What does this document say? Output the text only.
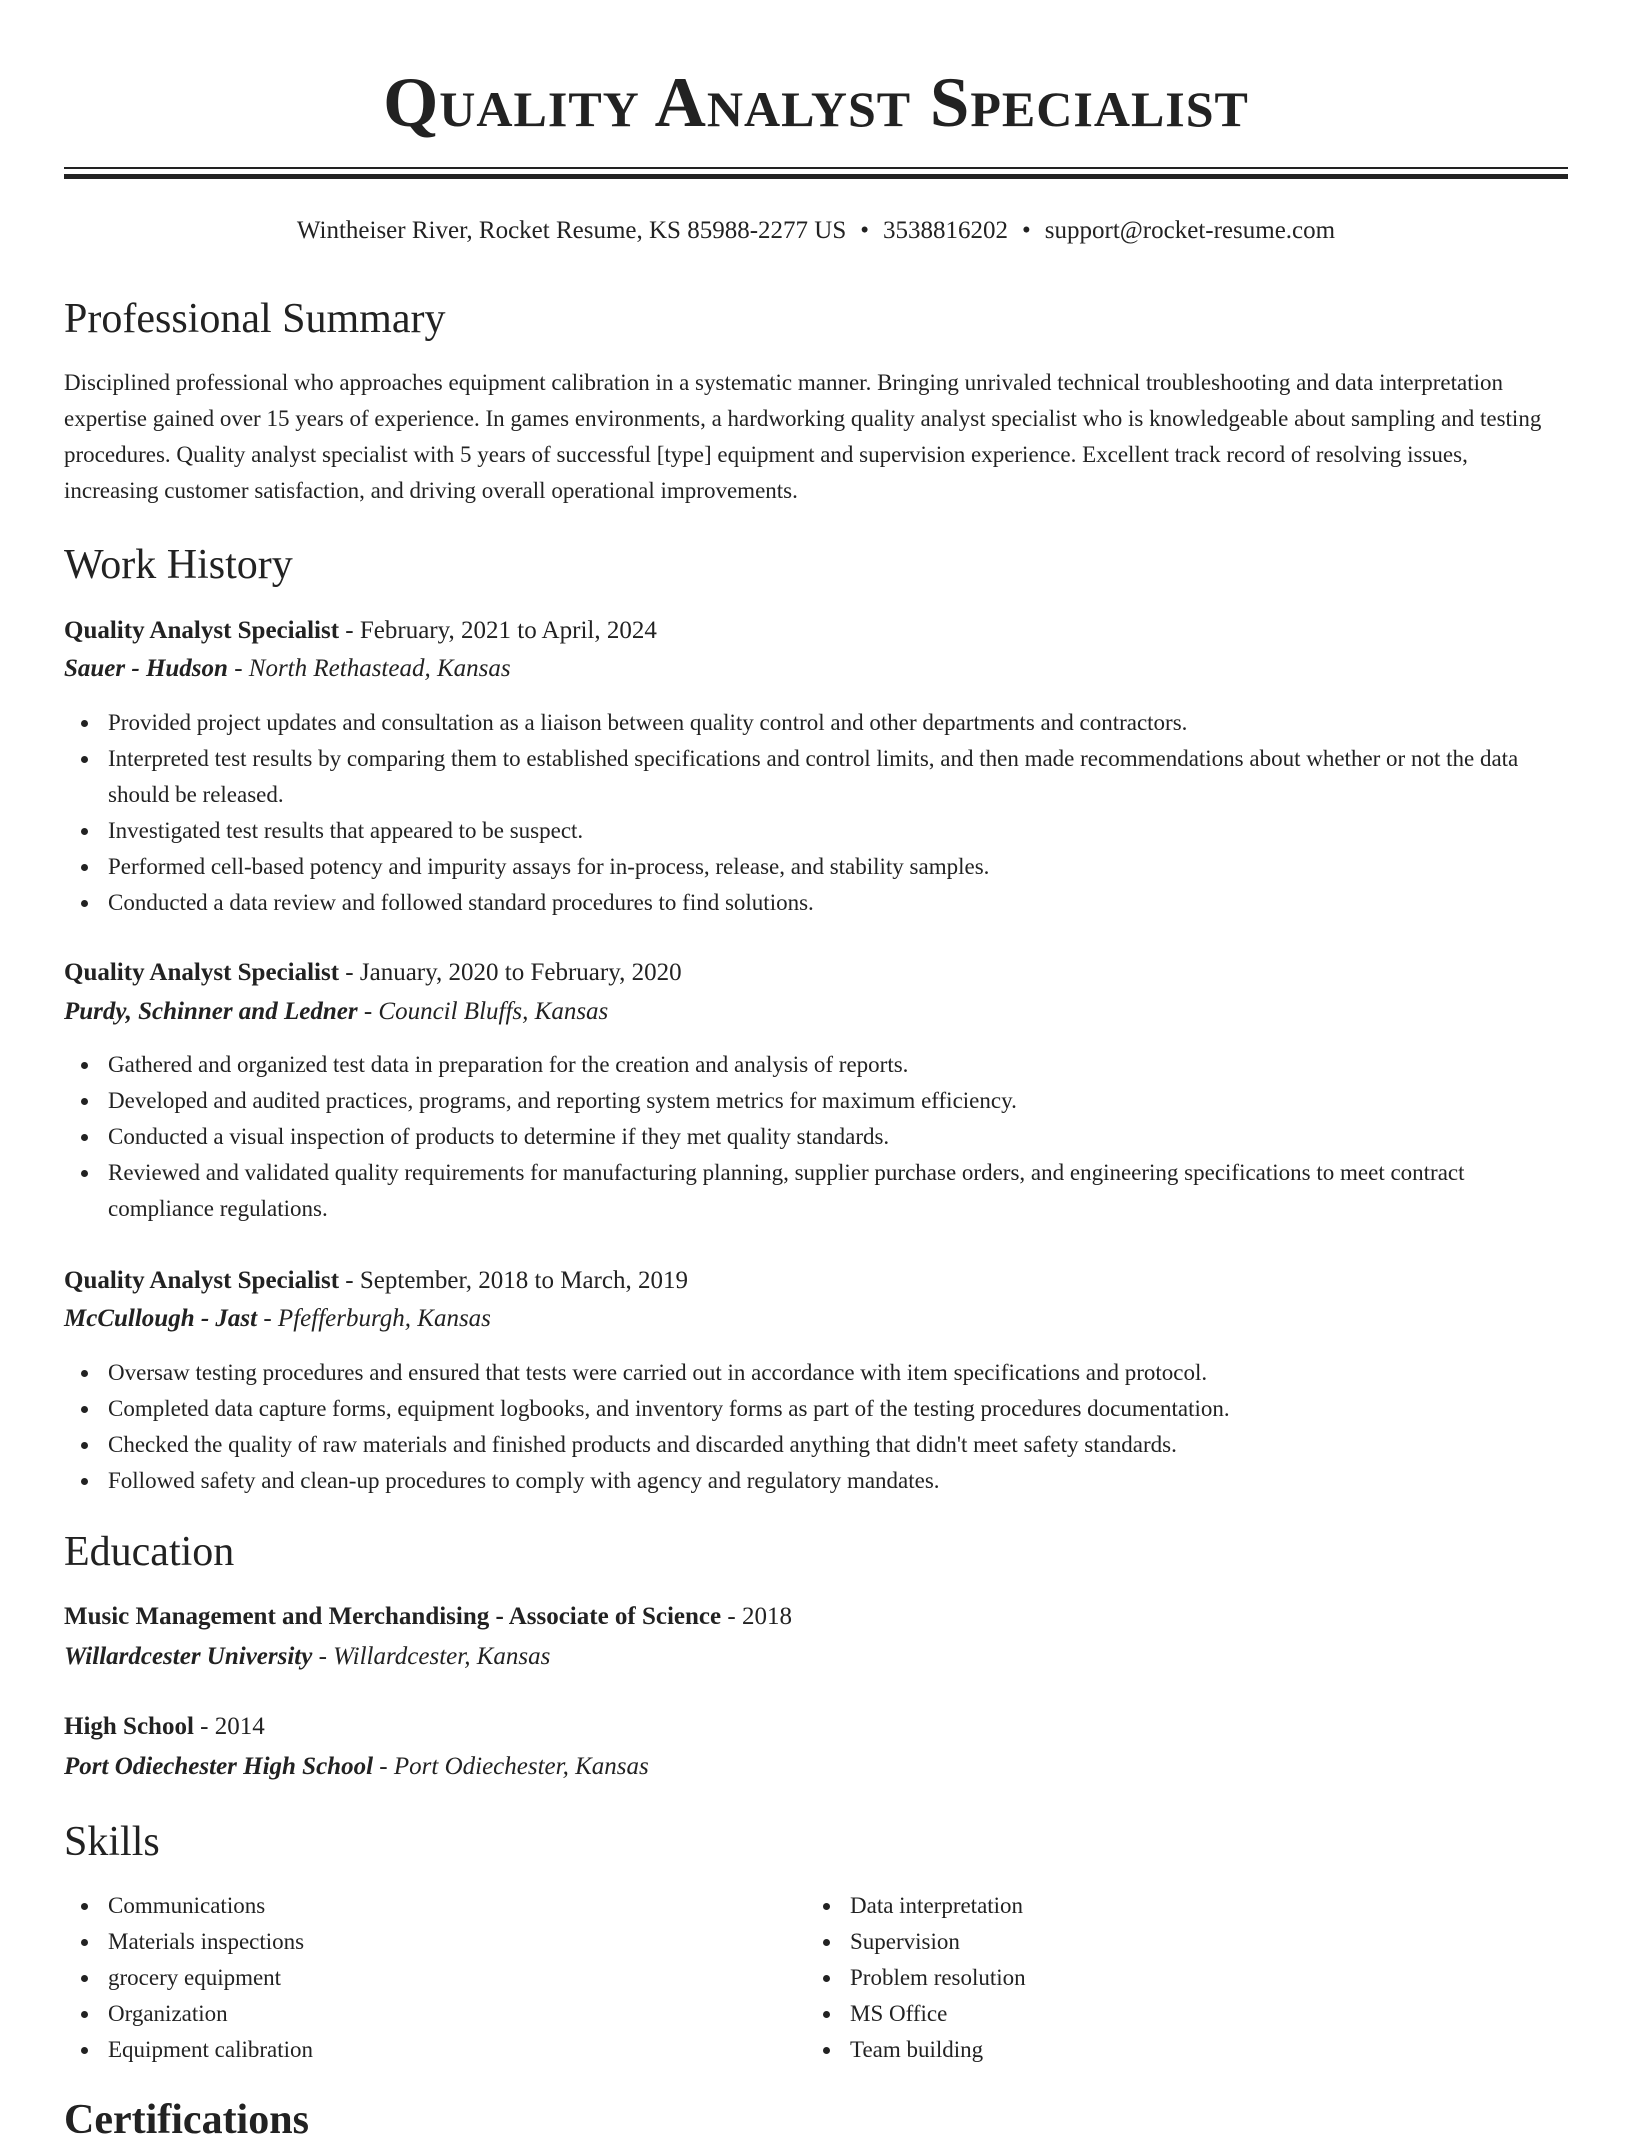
Quality Analyst Specialist
Wintheiser River, Rocket Resume, KS 85988-2277 US • 3538816202 • support@rocket-resume.com
Professional Summary

Disciplined professional who approaches equipment calibration in a systematic manner. Bringing unrivaled technical troubleshooting and data interpretation expertise gained over 15 years of experience. In games environments, a hardworking quality analyst specialist who is knowledgeable about sampling and testing procedures. Quality analyst specialist with 5 years of successful [type] equipment and supervision experience. Excellent track record of resolving issues, increasing customer satisfaction, and driving overall operational improvements.

Work History
Quality Analyst Specialist - February, 2021 to April, 2024
Sauer - Hudson - North Rethastead, Kansas
Provided project updates and consultation as a liaison between quality control and other departments and contractors.
Interpreted test results by comparing them to established specifications and control limits, and then made recommendations about whether or not the data should be released.
Investigated test results that appeared to be suspect.
Performed cell-based potency and impurity assays for in-process, release, and stability samples.
Conducted a data review and followed standard procedures to find solutions.
Quality Analyst Specialist - January, 2020 to February, 2020
Purdy, Schinner and Ledner - Council Bluffs, Kansas
Gathered and organized test data in preparation for the creation and analysis of reports.
Developed and audited practices, programs, and reporting system metrics for maximum efficiency.
Conducted a visual inspection of products to determine if they met quality standards.
Reviewed and validated quality requirements for manufacturing planning, supplier purchase orders, and engineering specifications to meet contract compliance regulations.
Quality Analyst Specialist - September, 2018 to March, 2019
McCullough - Jast - Pfefferburgh, Kansas
Oversaw testing procedures and ensured that tests were carried out in accordance with item specifications and protocol.
Completed data capture forms, equipment logbooks, and inventory forms as part of the testing procedures documentation.
Checked the quality of raw materials and finished products and discarded anything that didn't meet safety standards.
Followed safety and clean-up procedures to comply with agency and regulatory mandates.
Education
Music Management and Merchandising - Associate of Science - 2018
Willardcester University - Willardcester, Kansas
High School - 2014
Port Odiechester High School - Port Odiechester, Kansas
Skills
Communications
Materials inspections
grocery equipment
Organization
Equipment calibration
Data interpretation
Supervision
Problem resolution
MS Office
Team building
Certifications
